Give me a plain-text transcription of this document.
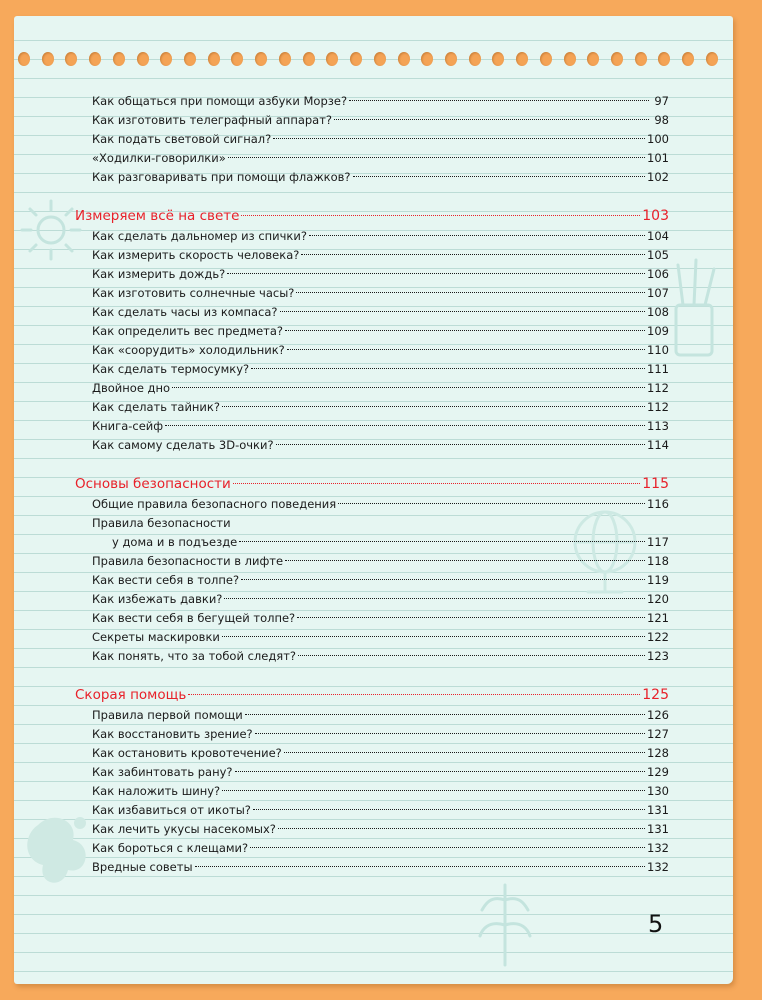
Как общаться при помощи азбуки Морзе?	97
Как изготовить телеграфный аппарат?	98
Как подать световой сигнал?	100
«Ходилки-говорилки»	101
Как разговаривать при помощи флажков?	102
Измеряем всё на свете	103
Как сделать дальномер из спички?	104
Как измерить скорость человека?	105
Как измерить дождь?	106
Как изготовить солнечные часы?	107
Как сделать часы из компаса?	108
Как определить вес предмета?	109
Как «соорудить» холодильник?	110
Как сделать термосумку?	111
Двойное дно	112
Как сделать тайник?	112
Книга-сейф	113
Как самому сделать 3D-очки?	114
Основы безопасности	115
Общие правила безопасного поведения	116
Правила безопасности
у дома и в подъезде	117
Правила безопасности в лифте	118
Как вести себя в толпе?	119
Как избежать давки?	120
Как вести себя в бегущей толпе?	121
Секреты маскировки	122
Как понять, что за тобой следят?	123
Скорая помощь	125
Правила первой помощи	126
Как восстановить зрение?	127
Как остановить кровотечение?	128
Как забинтовать рану?	129
Как наложить шину?	130
Как избавиться от икоты?	131
Как лечить укусы насекомых?	131
Как бороться с клещами?	132
Вредные советы	132
5
